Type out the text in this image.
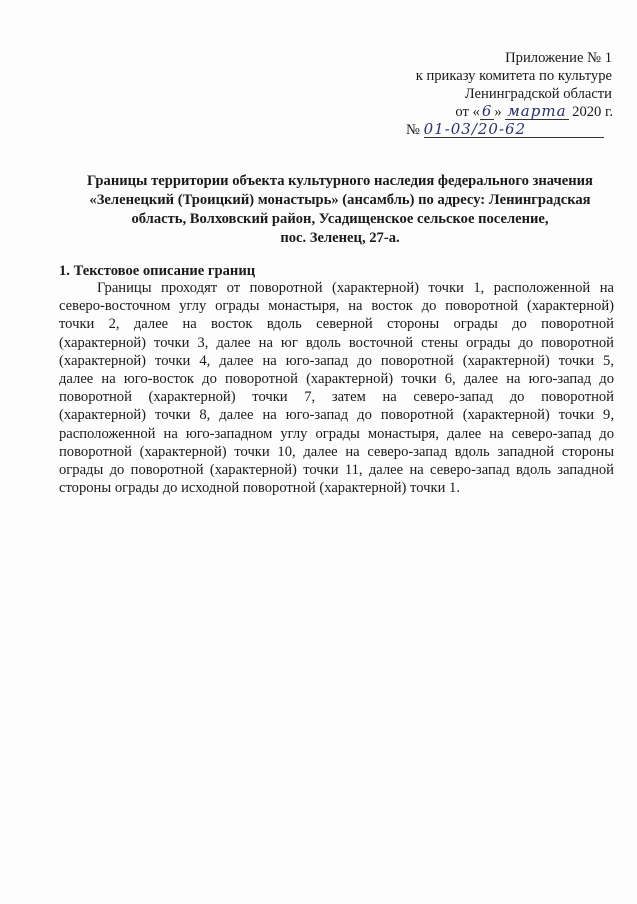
Приложение № 1
к приказу комитета по культуре
Ленинградской области
от « 6 » марта 2020 г.
№ 01-03/20-62
Границы территории объекта культурного наследия федерального значения
«Зеленецкий (Троицкий) монастырь» (ансамбль) по адресу: Ленинградская
область, Волховский район, Усадищенское сельское поселение,
пос. Зеленец, 27-а.
1. Текстовое описание границ
Границы проходят от поворотной (характерной) точки 1, расположенной на
северо-восточном углу ограды монастыря, на восток до поворотной (характерной)
точки 2, далее на восток вдоль северной стороны ограды до поворотной
(характерной) точки 3, далее на юг вдоль восточной стены ограды до поворотной
(характерной) точки 4, далее на юго-запад до поворотной (характерной) точки 5,
далее на юго-восток до поворотной (характерной) точки 6, далее на юго-запад до
поворотной (характерной) точки 7, затем на северо-запад до поворотной
(характерной) точки 8, далее на юго-запад до поворотной (характерной) точки 9,
расположенной на юго-западном углу ограды монастыря, далее на северо-запад до
поворотной (характерной) точки 10, далее на северо-запад вдоль западной стороны
ограды до поворотной (характерной) точки 11, далее на северо-запад вдоль западной
стороны ограды до исходной поворотной (характерной) точки 1.
